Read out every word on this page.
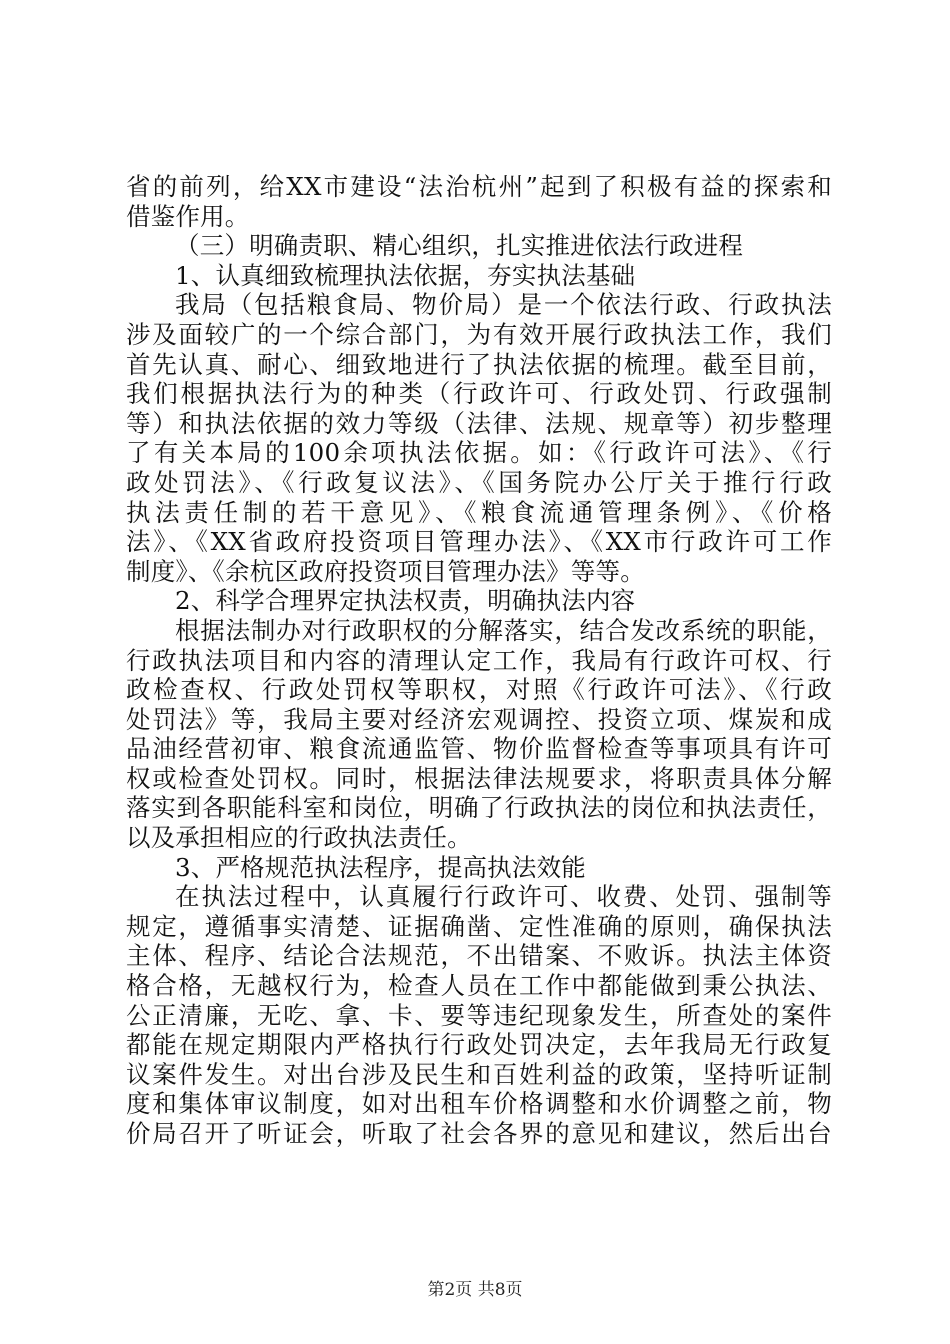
省的前列，给XX市建设“法治杭州”起到了积极有益的探索和
借鉴作用。
（三）明确责职、精心组织，扎实推进依法行政进程
1、认真细致梳理执法依据，夯实执法基础
我局（包括粮食局、物价局）是一个依法行政、行政执法
涉及面较广的一个综合部门，为有效开展行政执法工作，我们
首先认真、耐心、细致地进行了执法依据的梳理。截至目前，
我们根据执法行为的种类（行政许可、行政处罚、行政强制
等）和执法依据的效力等级（法律、法规、规章等）初步整理
了有关本局的100余项执法依据。如：《行政许可法》、《行
政处罚法》、《行政复议法》、《国务院办公厅关于推行行政
执法责任制的若干意见》、《粮食流通管理条例》、《价格
法》、《XX省政府投资项目管理办法》、《XX市行政许可工作
制度》、《余杭区政府投资项目管理办法》等等。
2、科学合理界定执法权责，明确执法内容
根据法制办对行政职权的分解落实，结合发改系统的职能，
行政执法项目和内容的清理认定工作，我局有行政许可权、行
政检查权、行政处罚权等职权，对照《行政许可法》、《行政
处罚法》等，我局主要对经济宏观调控、投资立项、煤炭和成
品油经营初审、粮食流通监管、物价监督检查等事项具有许可
权或检查处罚权。同时，根据法律法规要求，将职责具体分解
落实到各职能科室和岗位，明确了行政执法的岗位和执法责任，
以及承担相应的行政执法责任。
3、严格规范执法程序，提高执法效能
在执法过程中，认真履行行政许可、收费、处罚、强制等
规定，遵循事实清楚、证据确凿、定性准确的原则，确保执法
主体、程序、结论合法规范，不出错案、不败诉。执法主体资
格合格，无越权行为，检查人员在工作中都能做到秉公执法、
公正清廉，无吃、拿、卡、要等违纪现象发生，所查处的案件
都能在规定期限内严格执行行政处罚决定，去年我局无行政复
议案件发生。对出台涉及民生和百姓利益的政策，坚持听证制
度和集体审议制度，如对出租车价格调整和水价调整之前，物
价局召开了听证会，听取了社会各界的意见和建议，然后出台
第2页 共8页
